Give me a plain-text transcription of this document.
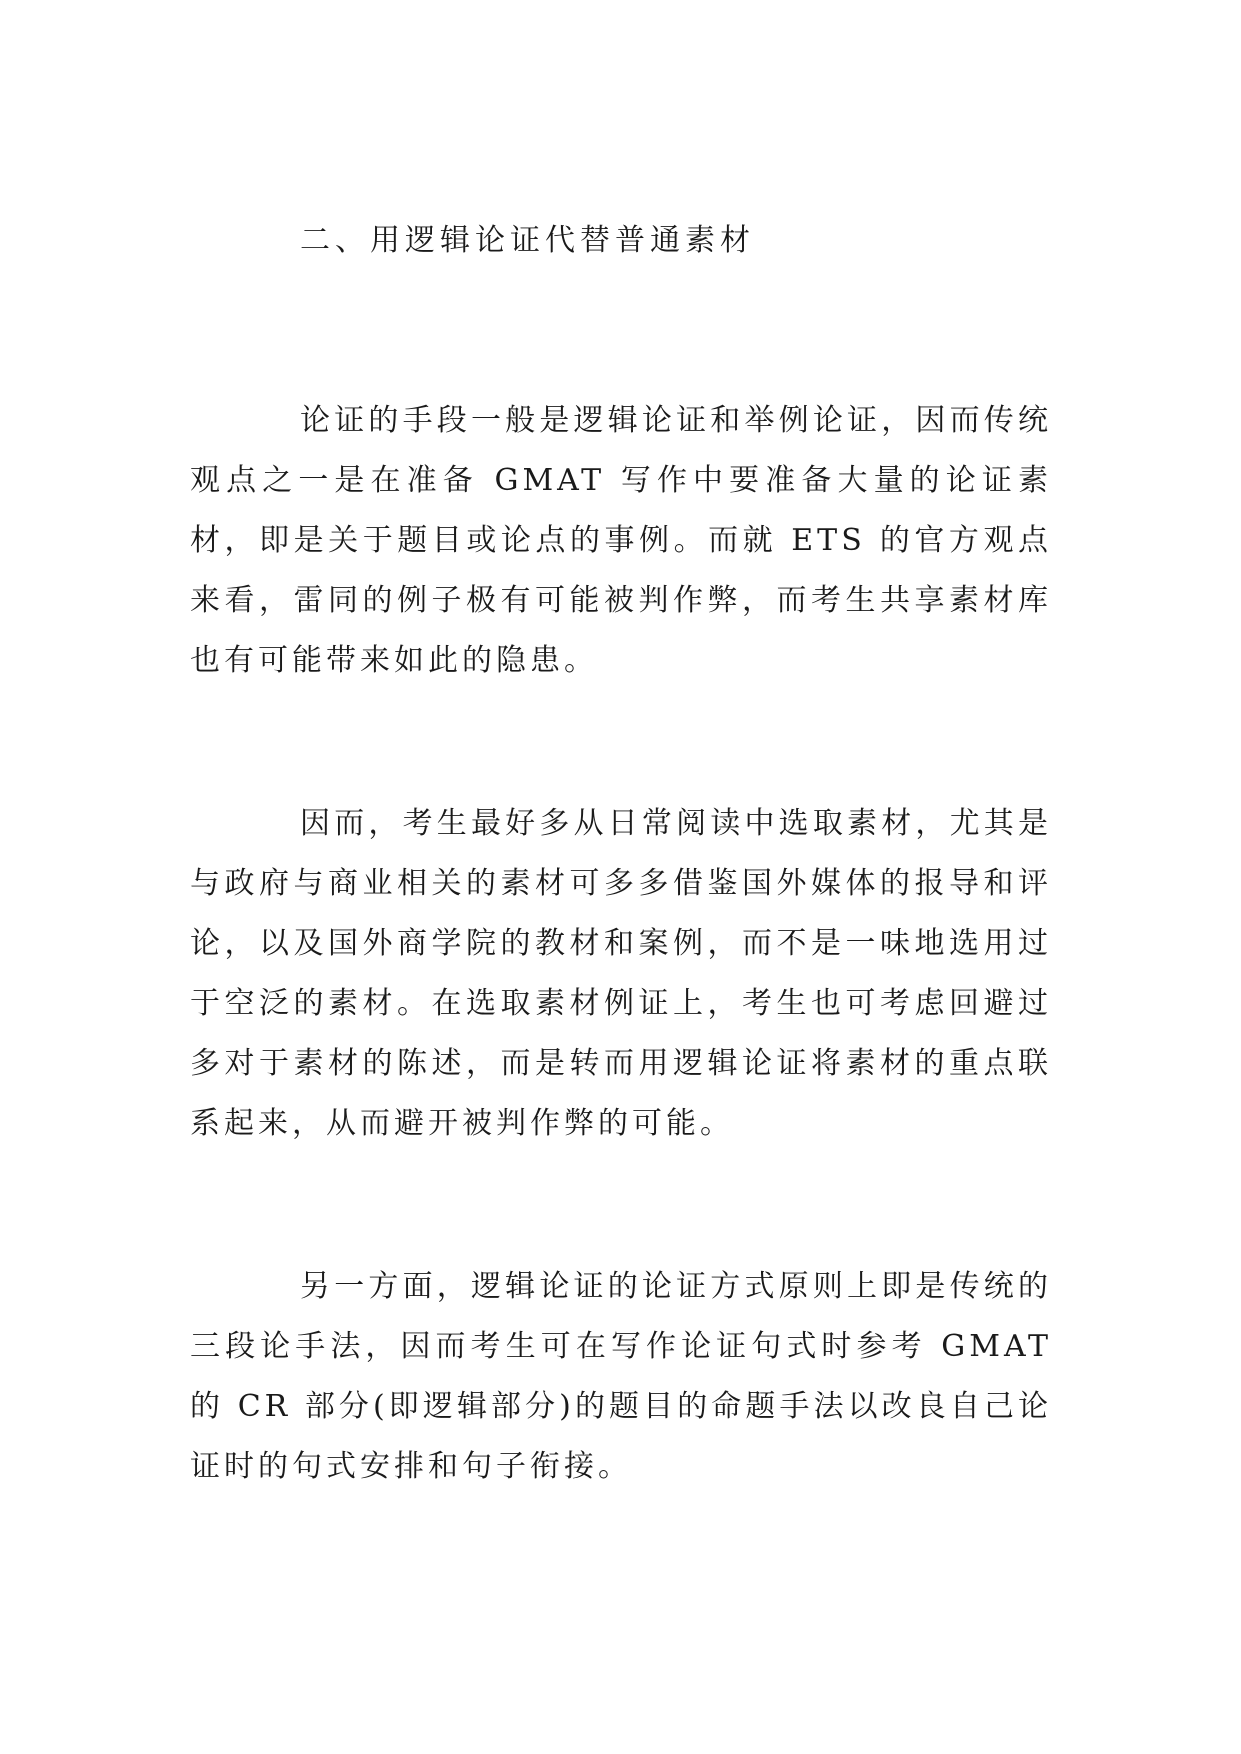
二、用逻辑论证代替普通素材

论证的手段一般是逻辑论证和举例论证，因而传统观点之一是在准备 GMAT 写作中要准备大量的论证素材，即是关于题目或论点的事例。而就 ETS 的官方观点来看，雷同的例子极有可能被判作弊，而考生共享素材库也有可能带来如此的隐患。

因而，考生最好多从日常阅读中选取素材，尤其是与政府与商业相关的素材可多多借鉴国外媒体的报导和评论，以及国外商学院的教材和案例，而不是一味地选用过于空泛的素材。在选取素材例证上，考生也可考虑回避过多对于素材的陈述，而是转而用逻辑论证将素材的重点联系起来，从而避开被判作弊的可能。

另一方面，逻辑论证的论证方式原则上即是传统的三段论手法，因而考生可在写作论证句式时参考 GMAT 的 CR 部分(即逻辑部分)的题目的命题手法以改良自己论证时的句式安排和句子衔接。
